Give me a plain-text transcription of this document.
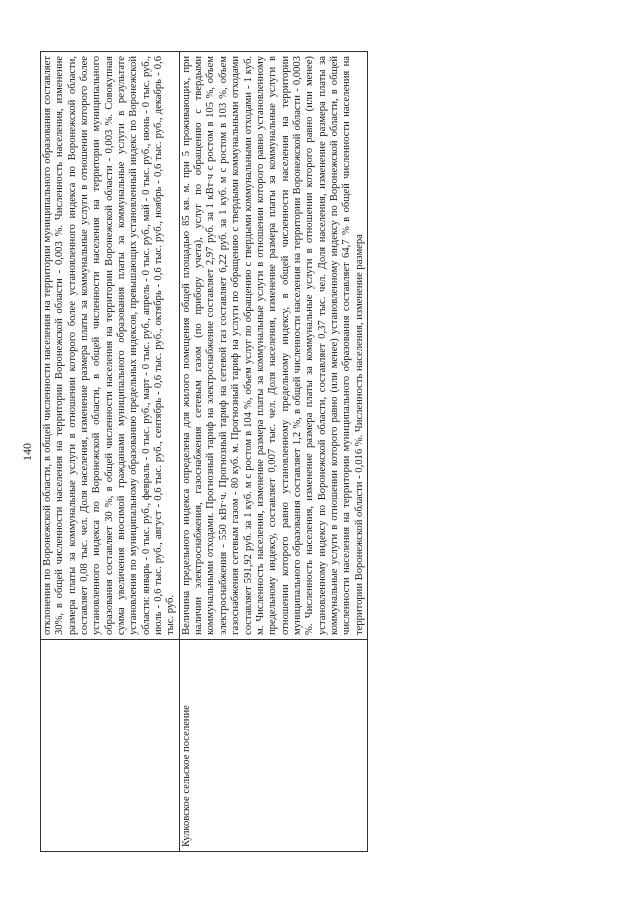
140
	отклонения по Воронежской области, в общей численности населения на территории муниципального образования составляет 30%, в общей численности населения на территории Воронежской области - 0,003 %. Численность населения, изменение размера платы за коммунальные услуги в отношении которого более установленного индекса по Воронежской области, составляет 0,08 тыс. чел. Доля населения, изменение размера платы за коммунальные услуги в отношении которого более установленного индекса по Воронежской области, в общей численности населения на территории муниципального образования составляет 30 %, в общей численности населения на территории Воронежской области - 0,003 %. Совокупная сумма увеличения вносимой гражданами муниципального образования платы за коммунальные услуги в результате установления по муниципальному образованию предельных индексов, превышающих установленный индекс по Воронежской области: январь - 0 тыс. руб., февраль - 0 тыс. руб., март - 0 тыс. руб., апрель - 0 тыс. руб., май - 0 тыс. руб., июнь - 0 тыс. руб., июль - 0,6 тыс. руб., август - 0,6 тыс. руб., сентябрь - 0,6 тыс. руб., октябрь - 0,6 тыс. руб., ноябрь - 0,6 тыс. руб., декабрь - 0,6 тыс. руб.
Кулковское сельское поселение	Величина предельного индекса определена для жилого помещения общей площадью 85 кв. м. при 5 проживающих, при наличии электроснабжения, газоснабжения сетевым газом (по прибору учета), услуг по обращению с твердыми коммунальными отходами. Прогнозный тариф на электроснабжение составляет 2,97 руб. за 1 кВт·ч с ростом в 105 %, объем электроснабжения - 550 кВт·ч. Прогнозный тариф на сетевой газ составляет 6,22 руб. за 1 куб. м с ростом в 103 %, объем газоснабжения сетевым газом - 80 куб. м. Прогнозный тариф на услуги по обращению с твердыми коммунальными отходами составляет 591,92 руб. за 1 куб. м с ростом в 104 %, объем услуг по обращению с твердыми коммунальными отходами - 1 куб. м. Численность населения, изменение размера платы за коммунальные услуги в отношении которого равно установленному предельному индексу, составляет 0,007 тыс. чел. Доля населения, изменение размера платы за коммунальные услуги в отношении которого равно установленному предельному индексу, в общей численности населения на территории муниципального образования составляет 1,2 %, в общей численности населения на территории Воронежской области - 0,0003 %. Численность населения, изменение размера платы за коммунальные услуги в отношении которого равно (или менее) установленному индексу по Воронежской области, составляет 0,37 тыс. чел. Доля населения, изменение размера платы за коммунальные услуги в отношении которого равно (или менее) установленному индексу по Воронежской области, в общей численности населения на территории муниципального образования составляет 64,7 % в общей численности населения на территории Воронежской области - 0,016 %. Численность населения, изменение размера
